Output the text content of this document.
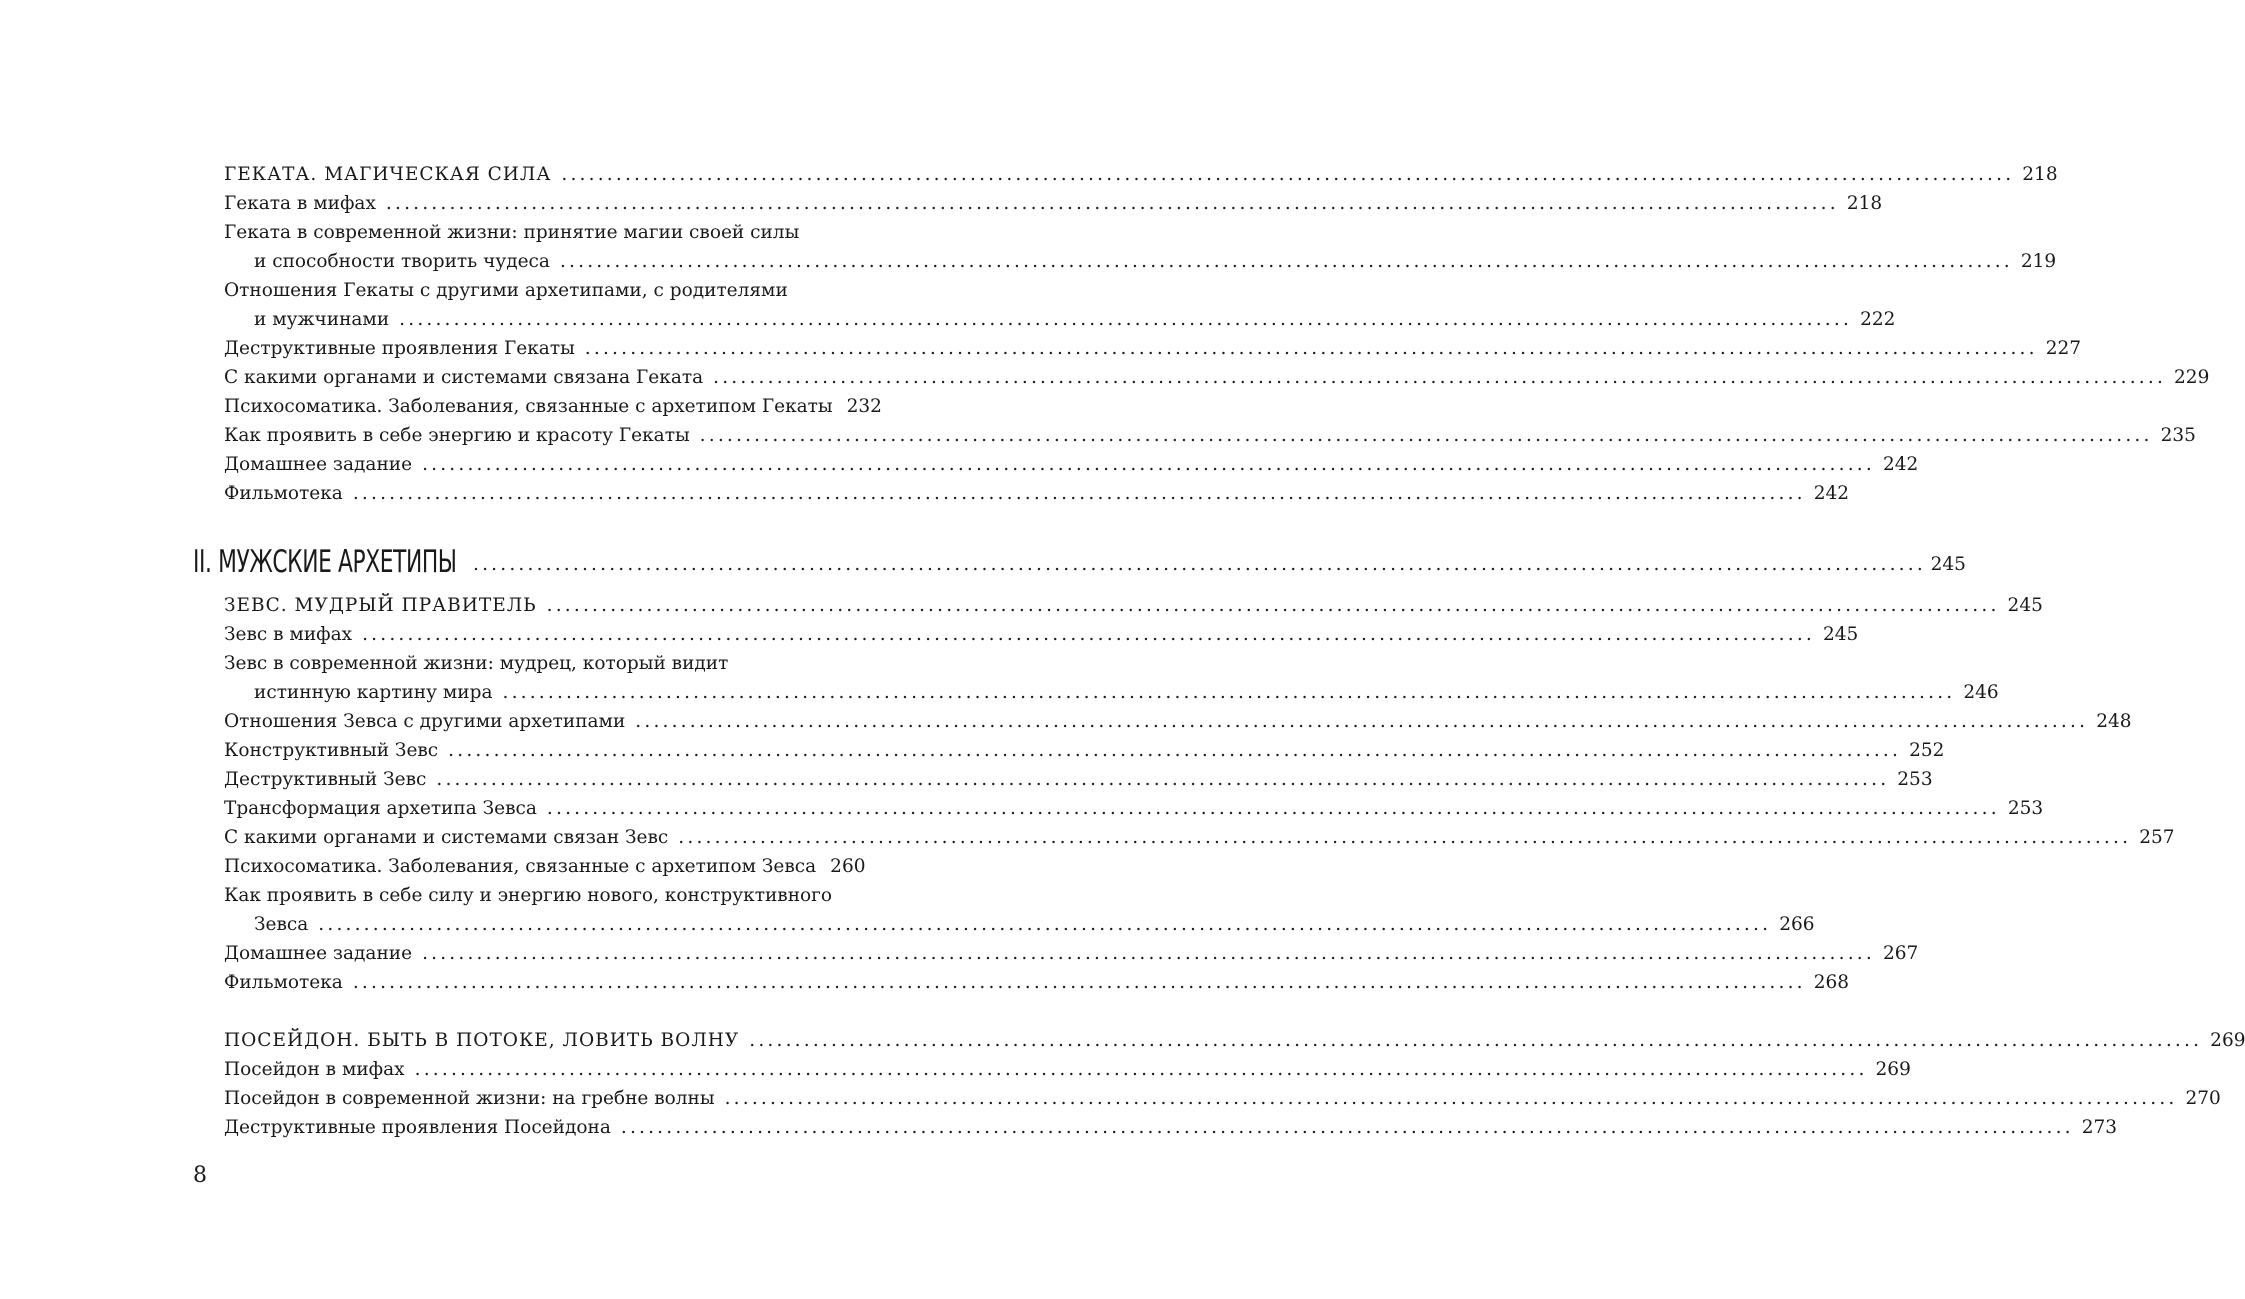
ГЕКАТА. МАГИЧЕСКАЯ СИЛА ................................................................................................................................................................ 218
Геката в мифах ................................................................................................................................................................ 218
Геката в современной жизни: принятие магии своей силы
и способности творить чудеса ................................................................................................................................................................ 219
Отношения Гекаты с другими архетипами, с родителями
и мужчинами ................................................................................................................................................................ 222
Деструктивные проявления Гекаты ................................................................................................................................................................ 227
С какими органами и системами связана Геката ................................................................................................................................................................ 229
Психосоматика. Заболевания, связанные с архетипом Гекаты 232
Как проявить в себе энергию и красоту Гекаты ................................................................................................................................................................ 235
Домашнее задание ................................................................................................................................................................ 242
Фильмотека ................................................................................................................................................................ 242
ЗЕВС. МУДРЫЙ ПРАВИТЕЛЬ ................................................................................................................................................................ 245
Зевс в мифах ................................................................................................................................................................ 245
Зевс в современной жизни: мудрец, который видит
истинную картину мира ................................................................................................................................................................ 246
Отношения Зевса с другими архетипами ................................................................................................................................................................ 248
Конструктивный Зевс ................................................................................................................................................................ 252
Деструктивный Зевс ................................................................................................................................................................ 253
Трансформация архетипа Зевса ................................................................................................................................................................ 253
С какими органами и системами связан Зевс ................................................................................................................................................................ 257
Психосоматика. Заболевания, связанные с архетипом Зевса 260
Как проявить в себе силу и энергию нового, конструктивного
Зевса ................................................................................................................................................................ 266
Домашнее задание ................................................................................................................................................................ 267
Фильмотека ................................................................................................................................................................ 268
ПОСЕЙДОН. БЫТЬ В ПОТОКЕ, ЛОВИТЬ ВОЛНУ ................................................................................................................................................................ 269
Посейдон в мифах ................................................................................................................................................................ 269
Посейдон в современной жизни: на гребне волны ................................................................................................................................................................ 270
Деструктивные проявления Посейдона ................................................................................................................................................................ 273
II. МУЖСКИЕ АРХЕТИПЫ ................................................................................................................................................................ 245
8
